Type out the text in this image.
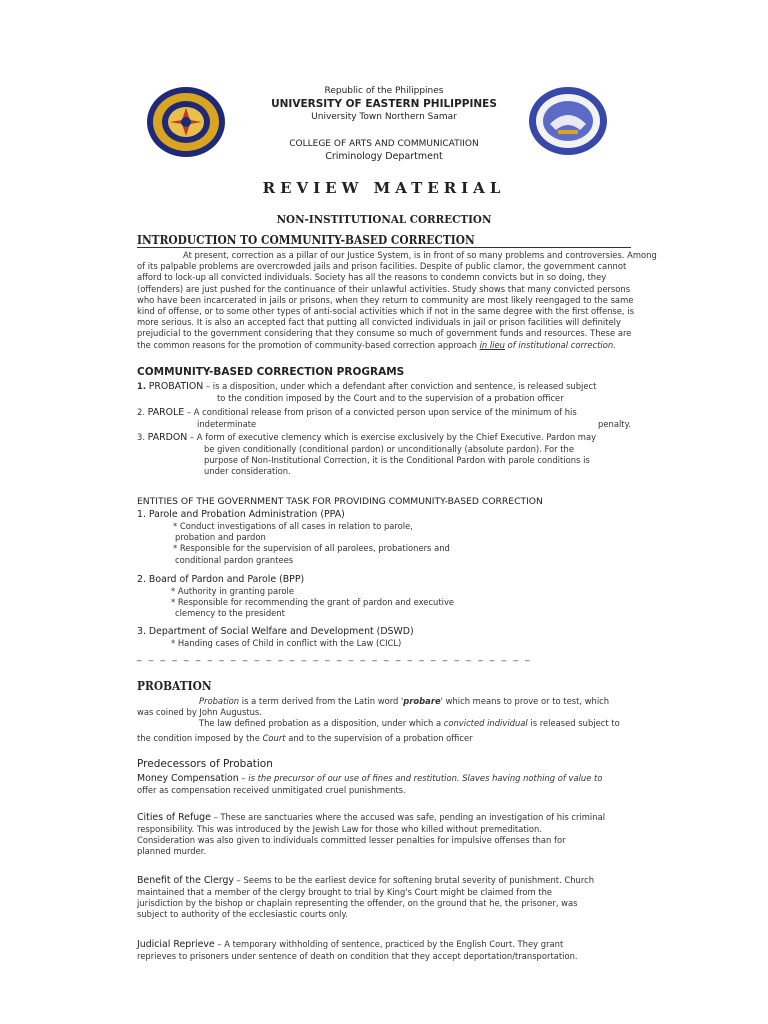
Republic of the Philippines
UNIVERSITY OF EASTERN PHILIPPINES
University Town Northern Samar
COLLEGE OF ARTS AND COMMUNICATIION
Criminology Department
REVIEW MATERIAL
NON-INSTITUTIONAL CORRECTION
INTRODUCTION TO COMMUNITY-BASED CORRECTION
At present, correction as a pillar of our Justice System, is in front of so many problems and controversies. Among
of its palpable problems are overcrowded jails and prison facilities. Despite of public clamor, the government cannot
afford to lock-up all convicted individuals. Society has all the reasons to condemn convicts but in so doing, they
(offenders) are just pushed for the continuance of their unlawful activities. Study shows that many convicted persons
who have been incarcerated in jails or prisons, when they return to community are most likely reengaged to the same
kind of offense, or to some other types of anti-social activities which if not in the same degree with the first offense, is
more serious. It is also an accepted fact that putting all convicted individuals in jail or prison facilities will definitely
prejudicial to the government considering that they consume so much of government funds and resources. These are
the common reasons for the promotion of community-based correction approach in lieu of institutional correction.
COMMUNITY-BASED CORRECTION PROGRAMS
1. PROBATION – is a disposition, under which a defendant after conviction and sentence, is released subject
to the condition imposed by the Court and to the supervision of a probation officer
2. PAROLE – A conditional release from prison of a convicted person upon service of the minimum of his
indeterminate	penalty.
3. PARDON – A form of executive clemency which is exercise exclusively by the Chief Executive. Pardon may
be given conditionally (conditional pardon) or unconditionally (absolute pardon). For the
purpose of Non-Institutional Correction, it is the Conditional Pardon with parole conditions is
under consideration.
ENTITIES OF THE GOVERNMENT TASK FOR PROVIDING COMMUNITY-BASED CORRECTION
1. Parole and Probation Administration (PPA)
* Conduct investigations of all cases in relation to parole,
probation and pardon
* Responsible for the supervision of all parolees, probationers and
conditional pardon grantees
2. Board of Pardon and Parole (BPP)
* Authority in granting parole
* Responsible for recommending the grant of pardon and executive
clemency to the president
3. Department of Social Welfare and Development (DSWD)
* Handing cases of Child in conflict with the Law (CICL)
_ _ _ _ _ _ _ _ _ _ _ _ _ _ _ _ _ _ _ _ _ _ _ _ _ _ _ _ _ _ _ _ _ _
PROBATION
Probation is a term derived from the Latin word 'probare' which means to prove or to test, which
was coined by John Augustus.
The law defined probation as a disposition, under which a convicted individual is released subject to
the condition imposed by the Court and to the supervision of a probation officer
Predecessors of Probation
Money Compensation – is the precursor of our use of fines and restitution. Slaves having nothing of value to
offer as compensation received unmitigated cruel punishments.
Cities of Refuge – These are sanctuaries where the accused was safe, pending an investigation of his criminal
responsibility. This was introduced by the Jewish Law for those who killed without premeditation.
Consideration was also given to individuals committed lesser penalties for impulsive offenses than for
planned murder.
Benefit of the Clergy – Seems to be the earliest device for softening brutal severity of punishment. Church
maintained that a member of the clergy brought to trial by King's Court might be claimed from the
jurisdiction by the bishop or chaplain representing the offender, on the ground that he, the prisoner, was
subject to authority of the ecclesiastic courts only.
Judicial Reprieve – A temporary withholding of sentence, practiced by the English Court. They grant
reprieves to prisoners under sentence of death on condition that they accept deportation/transportation.
